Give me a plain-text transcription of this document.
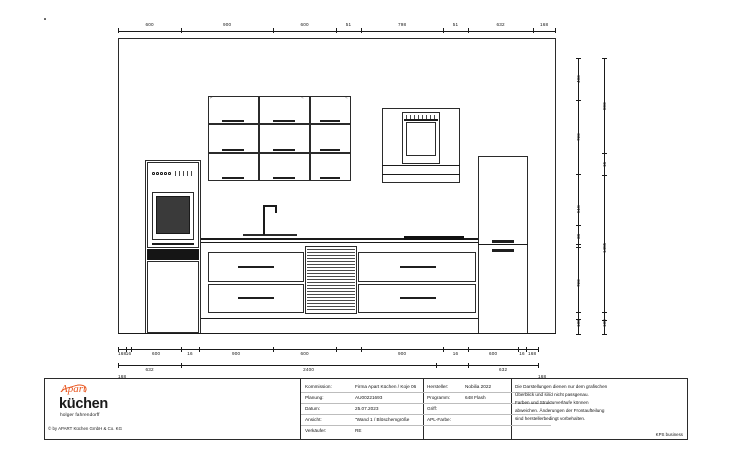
600	900	600	51	798	51	632	168
⌐	¬	¬
403
720
518
38
720
100
890
16
1485
100
168 16	600	16	900	600	900	16	600	16 168
632	2400	632
168	168
Apart
küchen
holger fahrendorff
© by APART Küchen GmbH & Co. KG
Kommission:	Firma Apart Küchen / Koje 06
Planung:	AU00221693
Datum:	25.07.2023
Ansicht:	"Wand 1 / Blöschemgröße
Verkäufer:	RE
Hersteller:	Nobilia 2022
Programm:	648 Flash
Griff:
APL-Farbe:
Die Darstellungen dienen nur dem grafischen
Überblick und sind nicht passgenau.
Farben und Strukturverläufe können
abweichen. Änderungen der Frontaufteilung
sind herstellerbedingt vorbehalten.
KPS business
